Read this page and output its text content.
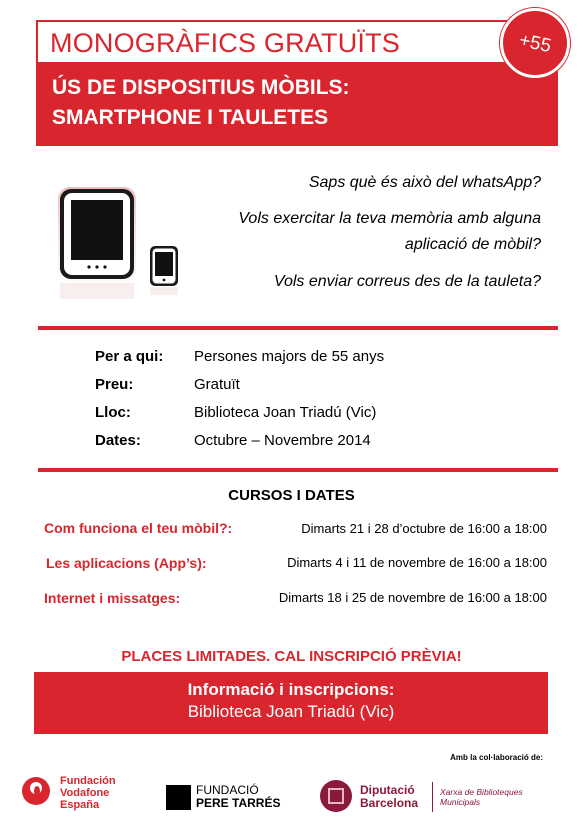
MONOGRÀFICS GRATUÏTS
ÚS DE DISPOSITIUS MÒBILS:
SMARTPHONE I TAULETES
+55
Saps què és això del whatsApp?
Vols exercitar la teva memòria amb alguna
aplicació de mòbil?
Vols enviar correus des de la tauleta?
Per a qui: Persones majors de 55 anys
Preu:	Gratuït
Lloc:	Biblioteca Joan Triadú (Vic)
Dates:	Octubre – Novembre 2014
CURSOS I DATES
Com funciona el teu mòbil?:	Dimarts 21 i 28 d’octubre de 16:00 a 18:00
Les aplicacions (App’s):	Dimarts 4 i 11 de novembre de 16:00 a 18:00
Internet i missatges:	Dimarts 18 i 25 de novembre de 16:00 a 18:00
PLACES LIMITADES. CAL INSCRIPCIÓ PRÈVIA!
Informació i inscripcions:
Biblioteca Joan Triadú (Vic)
Amb la col·laboració de:
Fundación
Vodafone
España
FUNDACIÓ
PERE TARRÉS
Diputació
Barcelona
Xarxa de Biblioteques
Municipals
